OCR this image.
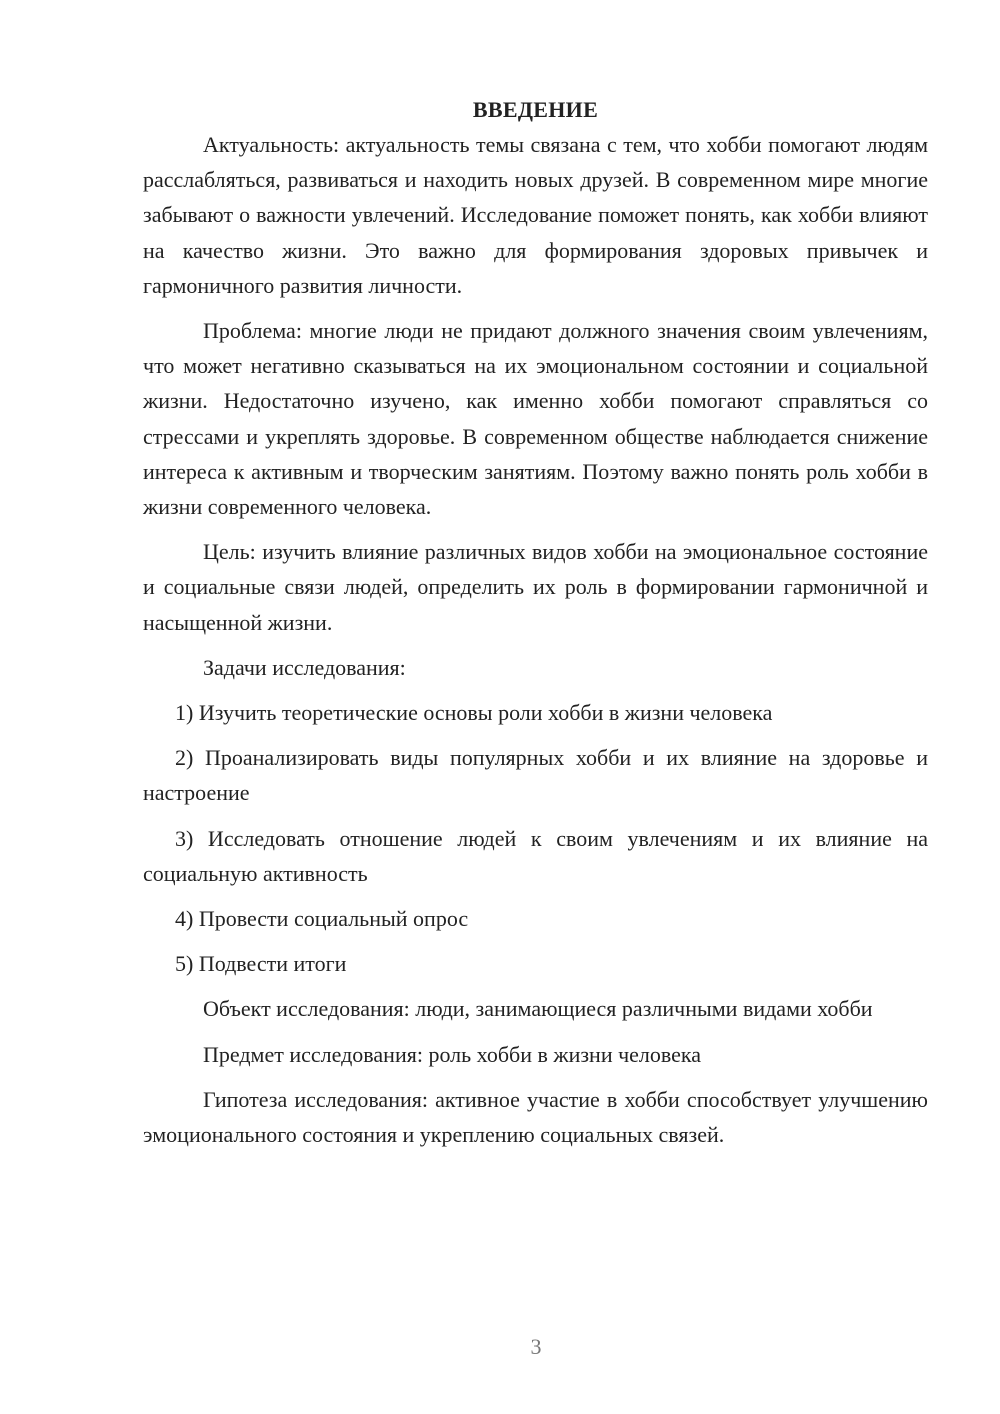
ВВЕДЕНИЕ

Актуальность: актуальность темы связана с тем, что хобби помогают людям расслабляться, развиваться и находить новых друзей. В современном мире многие забывают о важности увлечений. Исследование поможет понять, как хобби влияют на качество жизни. Это важно для формирования здоровых привычек и гармоничного развития личности.

Проблема: многие люди не придают должного значения своим увлечениям, что может негативно сказываться на их эмоциональном состоянии и социальной жизни. Недостаточно изучено, как именно хобби помогают справляться со стрессами и укреплять здоровье. В современном обществе наблюдается снижение интереса к активным и творческим занятиям. Поэтому важно понять роль хобби в жизни современного человека.

Цель: изучить влияние различных видов хобби на эмоциональное состояние и социальные связи людей, определить их роль в формировании гармоничной и насыщенной жизни.

Задачи исследования:

1) Изучить теоретические основы роли хобби в жизни человека

2) Проанализировать виды популярных хобби и их влияние на здоровье и настроение

3) Исследовать отношение людей к своим увлечениям и их влияние на социальную активность

4) Провести социальный опрос

5) Подвести итоги

Объект исследования: люди, занимающиеся различными видами хобби

Предмет исследования: роль хобби в жизни человека

Гипотеза исследования: активное участие в хобби способствует улучшению эмоционального состояния и укреплению социальных связей.

3
